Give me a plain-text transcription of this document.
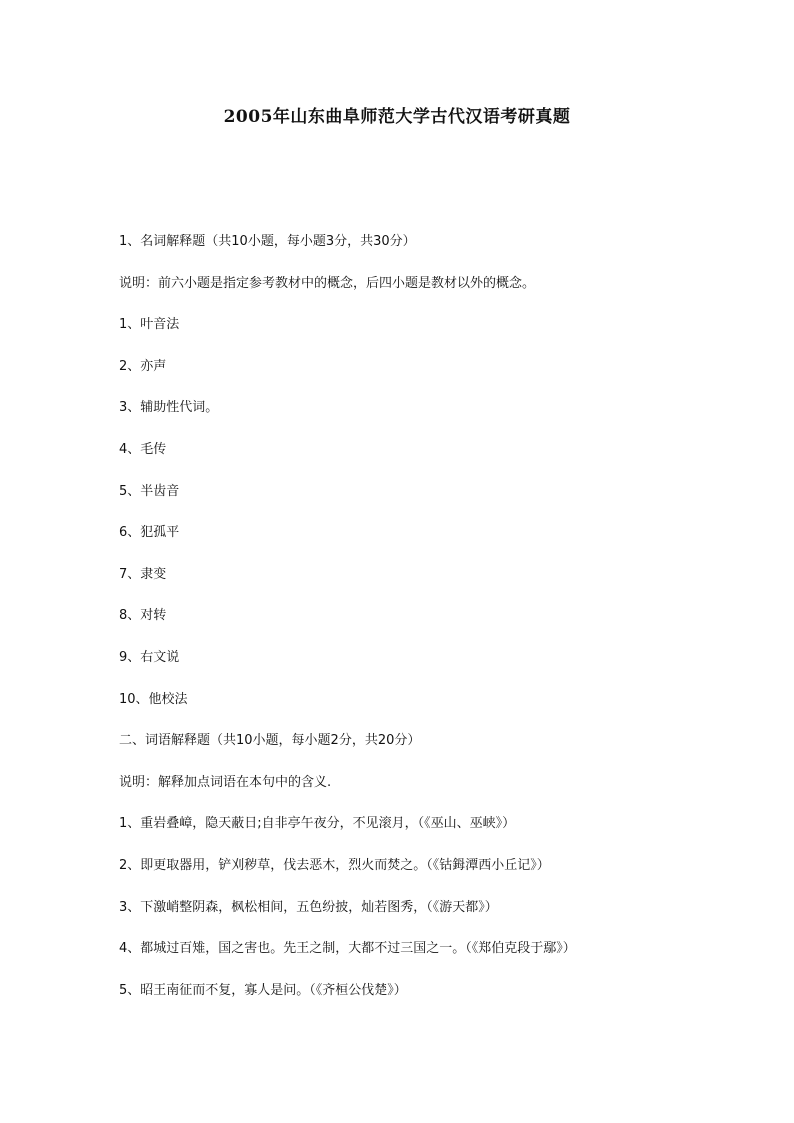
2005年山东曲阜师范大学古代汉语考研真题
1、名词解释题（共10小题，每小题3分，共30分）
说明：前六小题是指定参考教材中的概念，后四小题是教材以外的概念。
1、叶音法
2、亦声
3、辅助性代词。
4、毛传
5、半齿音
6、犯孤平
7、隶变
8、对转
9、右文说
10、他校法
二、词语解释题（共10小题，每小题2分，共20分）
说明：解释加点词语在本句中的含义.
1、重岩叠嶂，隐天蔽日;自非亭午夜分，不见滚月，（《巫山、巫峡》）
2、即更取器用，铲刈秽草，伐去恶木，烈火而焚之。（《钴鉧潭西小丘记》）
3、下激峭整阴森，枫松相间，五色纷披，灿若图秀，（《游天都》）
4、都城过百雉，国之害也。先王之制，大都不过三国之一。（《郑伯克段于鄢》）
5、昭王南征而不复，寡人是问。（《齐桓公伐楚》）
